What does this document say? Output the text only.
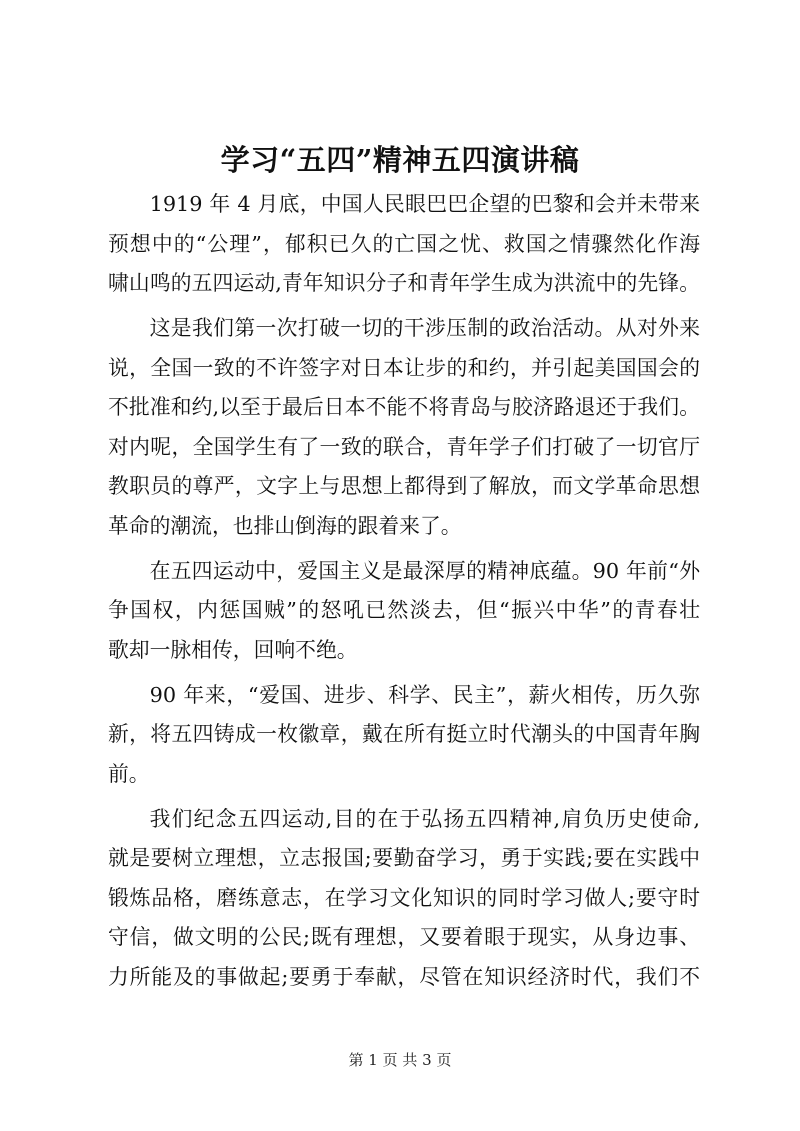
学习“五四”精神五四演讲稿
1919 年 4 月底，中国人民眼巴巴企望的巴黎和会并未带来
预想中的“公理”，郁积已久的亡国之忧、救国之情骤然化作海
啸山鸣的五四运动,青年知识分子和青年学生成为洪流中的先锋。
这是我们第一次打破一切的干涉压制的政治活动。从对外来
说，全国一致的不许签字对日本让步的和约，并引起美国国会的
不批准和约,以至于最后日本不能不将青岛与胶济路退还于我们。
对内呢，全国学生有了一致的联合，青年学子们打破了一切官厅
教职员的尊严，文字上与思想上都得到了解放，而文学革命思想
革命的潮流，也排山倒海的跟着来了。
在五四运动中，爱国主义是最深厚的精神底蕴。90 年前“外
争国权，内惩国贼”的怒吼已然淡去，但“振兴中华”的青春壮
歌却一脉相传，回响不绝。
90 年来，“爱国、进步、科学、民主”，薪火相传，历久弥
新，将五四铸成一枚徽章，戴在所有挺立时代潮头的中国青年胸
前。
我们纪念五四运动,目的在于弘扬五四精神,肩负历史使命,
就是要树立理想，立志报国;要勤奋学习，勇于实践;要在实践中
锻炼品格，磨练意志，在学习文化知识的同时学习做人;要守时
守信，做文明的公民;既有理想，又要着眼于现实，从身边事、
力所能及的事做起;要勇于奉献，尽管在知识经济时代，我们不
第 1 页 共 3 页
